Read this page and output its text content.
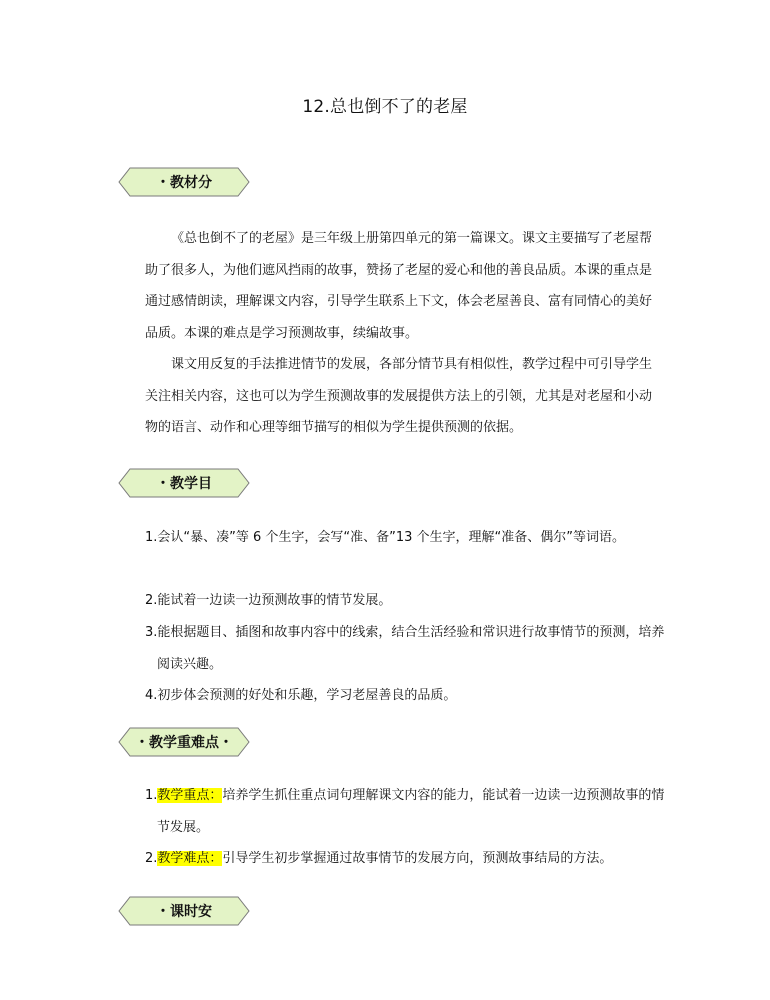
12.总也倒不了的老屋
・教材分

《总也倒不了的老屋》是三年级上册第四单元的第一篇课文。课文主要描写了老屋帮助了很多人，为他们遮风挡雨的故事，赞扬了老屋的爱心和他的善良品质。本课的重点是通过感情朗读，理解课文内容，引导学生联系上下文，体会老屋善良、富有同情心的美好品质。本课的难点是学习预测故事，续编故事。

课文用反复的手法推进情节的发展，各部分情节具有相似性，教学过程中可引导学生关注相关内容，这也可以为学生预测故事的发展提供方法上的引领，尤其是对老屋和小动物的语言、动作和心理等细节描写的相似为学生提供预测的依据。

・教学目

1.会认“暴、凑”等 6 个生字，会写“准、备”13 个生字，理解“准备、偶尔”等词语。

2.能试着一边读一边预测故事的情节发展。

3.能根据题目、插图和故事内容中的线索，结合生活经验和常识进行故事情节的预测，培养阅读兴趣。

4.初步体会预测的好处和乐趣，学习老屋善良的品质。

・教学重难点・

1.教学重点：培养学生抓住重点词句理解课文内容的能力，能试着一边读一边预测故事的情节发展。

2.教学难点：引导学生初步掌握通过故事情节的发展方向，预测故事结局的方法。

・课时安
